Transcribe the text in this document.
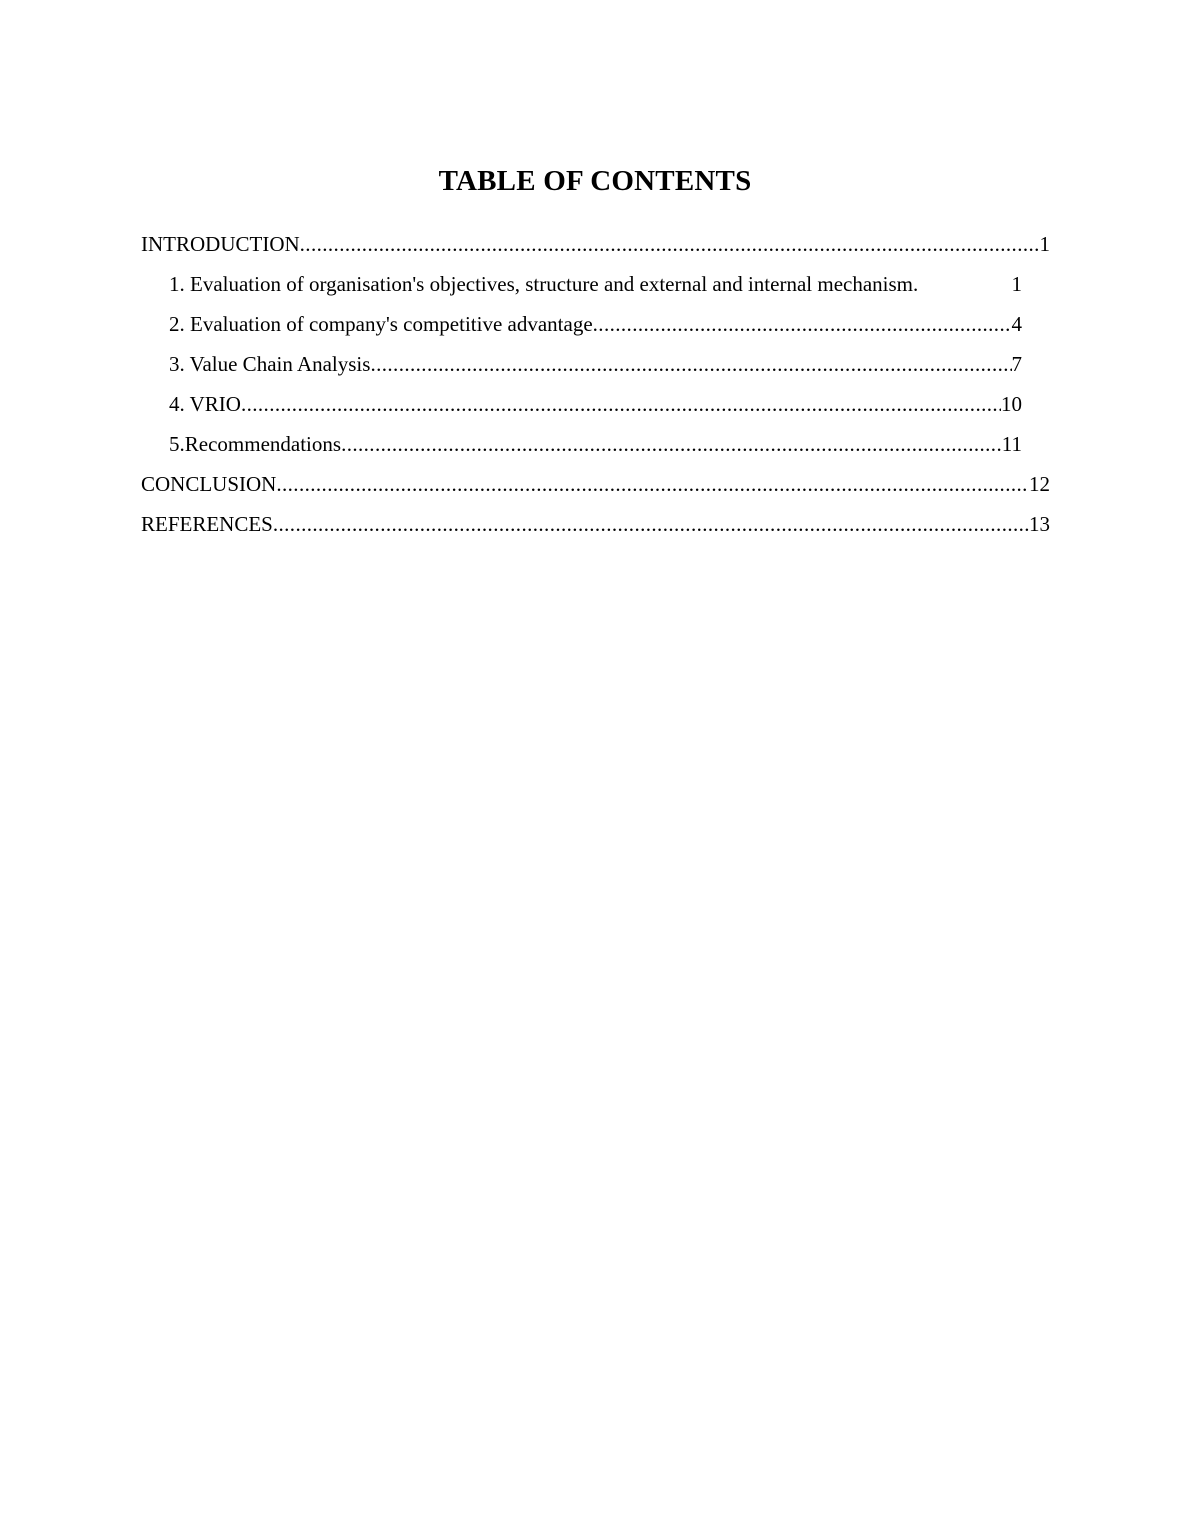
TABLE OF CONTENTS
INTRODUCTION .....	1
1. Evaluation of organisation's objectives, structure and external and internal mechanism.	1
2. Evaluation of company's competitive advantage .....	4
3. Value Chain Analysis .....	7
4. VRIO .....	10
5.Recommendations .....	11
CONCLUSION .....	12
REFERENCES .....	13
